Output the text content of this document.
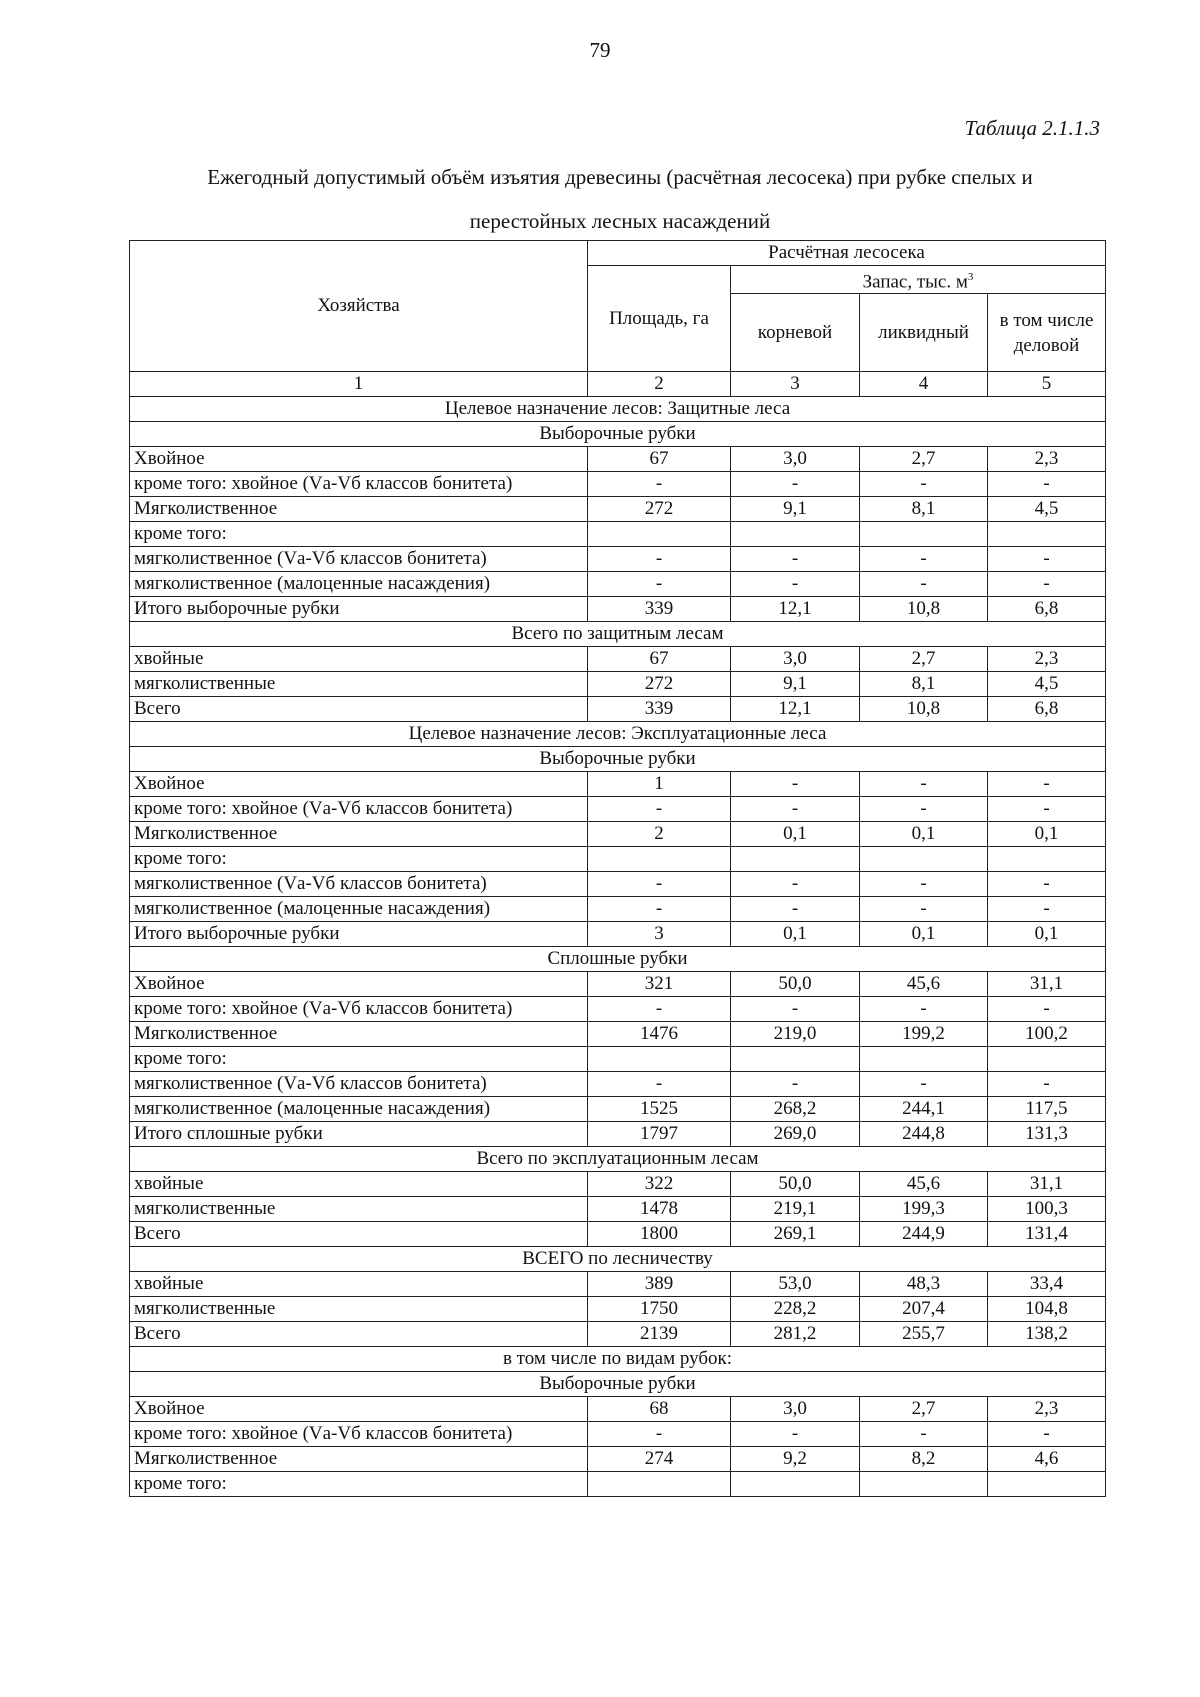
79
Таблица 2.1.1.3
Ежегодный допустимый объём изъятия древесины (расчётная лесосека) при рубке спелых и
перестойных лесных насаждений
Хозяйства	Расчётная лесосека			
	Площадь, га	Запас, тыс. $м^3$
		корневой	ликвидный	в том числе деловой
1	2	3	4	5
Целевое назначение лесов: Защитные леса				
Выборочные рубки				
Хвойное	67	3,0	2,7	2,3
кроме того: хвойное (Vа-Vб классов бонитета)	-	-	-	-
Мягколиственное	272	9,1	8,1	4,5
кроме того:				
мягколиственное (Vа-Vб классов бонитета)	-	-	-	-
мягколиственное (малоценные насаждения)	-	-	-	-
Итого выборочные рубки	339	12,1	10,8	6,8
Всего по защитным лесам				
хвойные	67	3,0	2,7	2,3
мягколиственные	272	9,1	8,1	4,5
Всего	339	12,1	10,8	6,8
Целевое назначение лесов: Эксплуатационные леса				
Выборочные рубки				
Хвойное	1	-	-	-
кроме того: хвойное (Vа-Vб классов бонитета)	-	-	-	-
Мягколиственное	2	0,1	0,1	0,1
кроме того:				
мягколиственное (Vа-Vб классов бонитета)	-	-	-	-
мягколиственное (малоценные насаждения)	-	-	-	-
Итого выборочные рубки	3	0,1	0,1	0,1
Сплошные рубки				
Хвойное	321	50,0	45,6	31,1
кроме того: хвойное (Vа-Vб классов бонитета)	-	-	-	-
Мягколиственное	1476	219,0	199,2	100,2
кроме того:				
мягколиственное (Vа-Vб классов бонитета)	-	-	-	-
мягколиственное (малоценные насаждения)	1525	268,2	244,1	117,5
Итого сплошные рубки	1797	269,0	244,8	131,3
Всего по эксплуатационным лесам				
хвойные	322	50,0	45,6	31,1
мягколиственные	1478	219,1	199,3	100,3
Всего	1800	269,1	244,9	131,4
ВСЕГО по лесничеству				
хвойные	389	53,0	48,3	33,4
мягколиственные	1750	228,2	207,4	104,8
Всего	2139	281,2	255,7	138,2
в том числе по видам рубок:				
Выборочные рубки				
Хвойное	68	3,0	2,7	2,3
кроме того: хвойное (Vа-Vб классов бонитета)	-	-	-	-
Мягколиственное	274	9,2	8,2	4,6
кроме того:				
